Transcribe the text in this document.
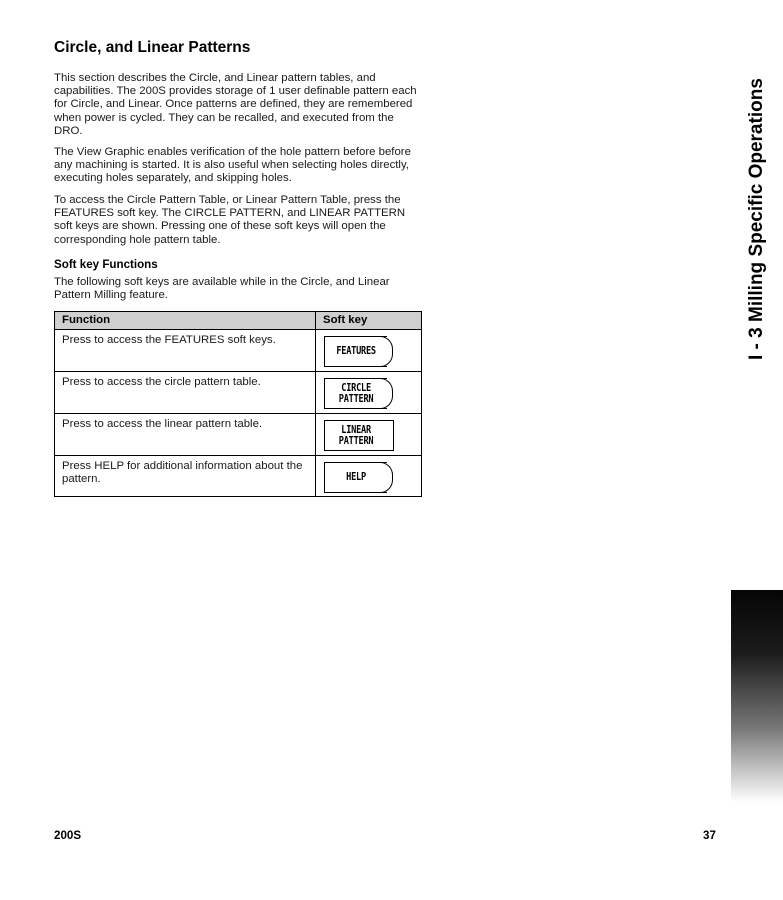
Circle, and Linear Patterns

This section describes the Circle, and Linear pattern tables, and capabilities. The 200S provides storage of 1 user definable pattern each for Circle, and Linear. Once patterns are defined, they are remembered when power is cycled. They can be recalled, and executed from the DRO.

The View Graphic enables verification of the hole pattern before before any machining is started. It is also useful when selecting holes directly, executing holes separately, and skipping holes.

To access the Circle Pattern Table, or Linear Pattern Table, press the FEATURES soft key. The CIRCLE PATTERN, and LINEAR PATTERN soft keys are shown. Pressing one of these soft keys will open the corresponding hole pattern table.

Soft key Functions

The following soft keys are available while in the Circle, and Linear Pattern Milling feature.

Function	Soft key
Press to access the FEATURES soft keys.	FEATURES

Press to access the circle pattern table.	CIRCLE
PATTERN

Press to access the linear pattern table.	LINEAR
PATTERN

Press HELP for additional information about the pattern.	HELP
I - 3 Milling Specific Operations
200S	37
